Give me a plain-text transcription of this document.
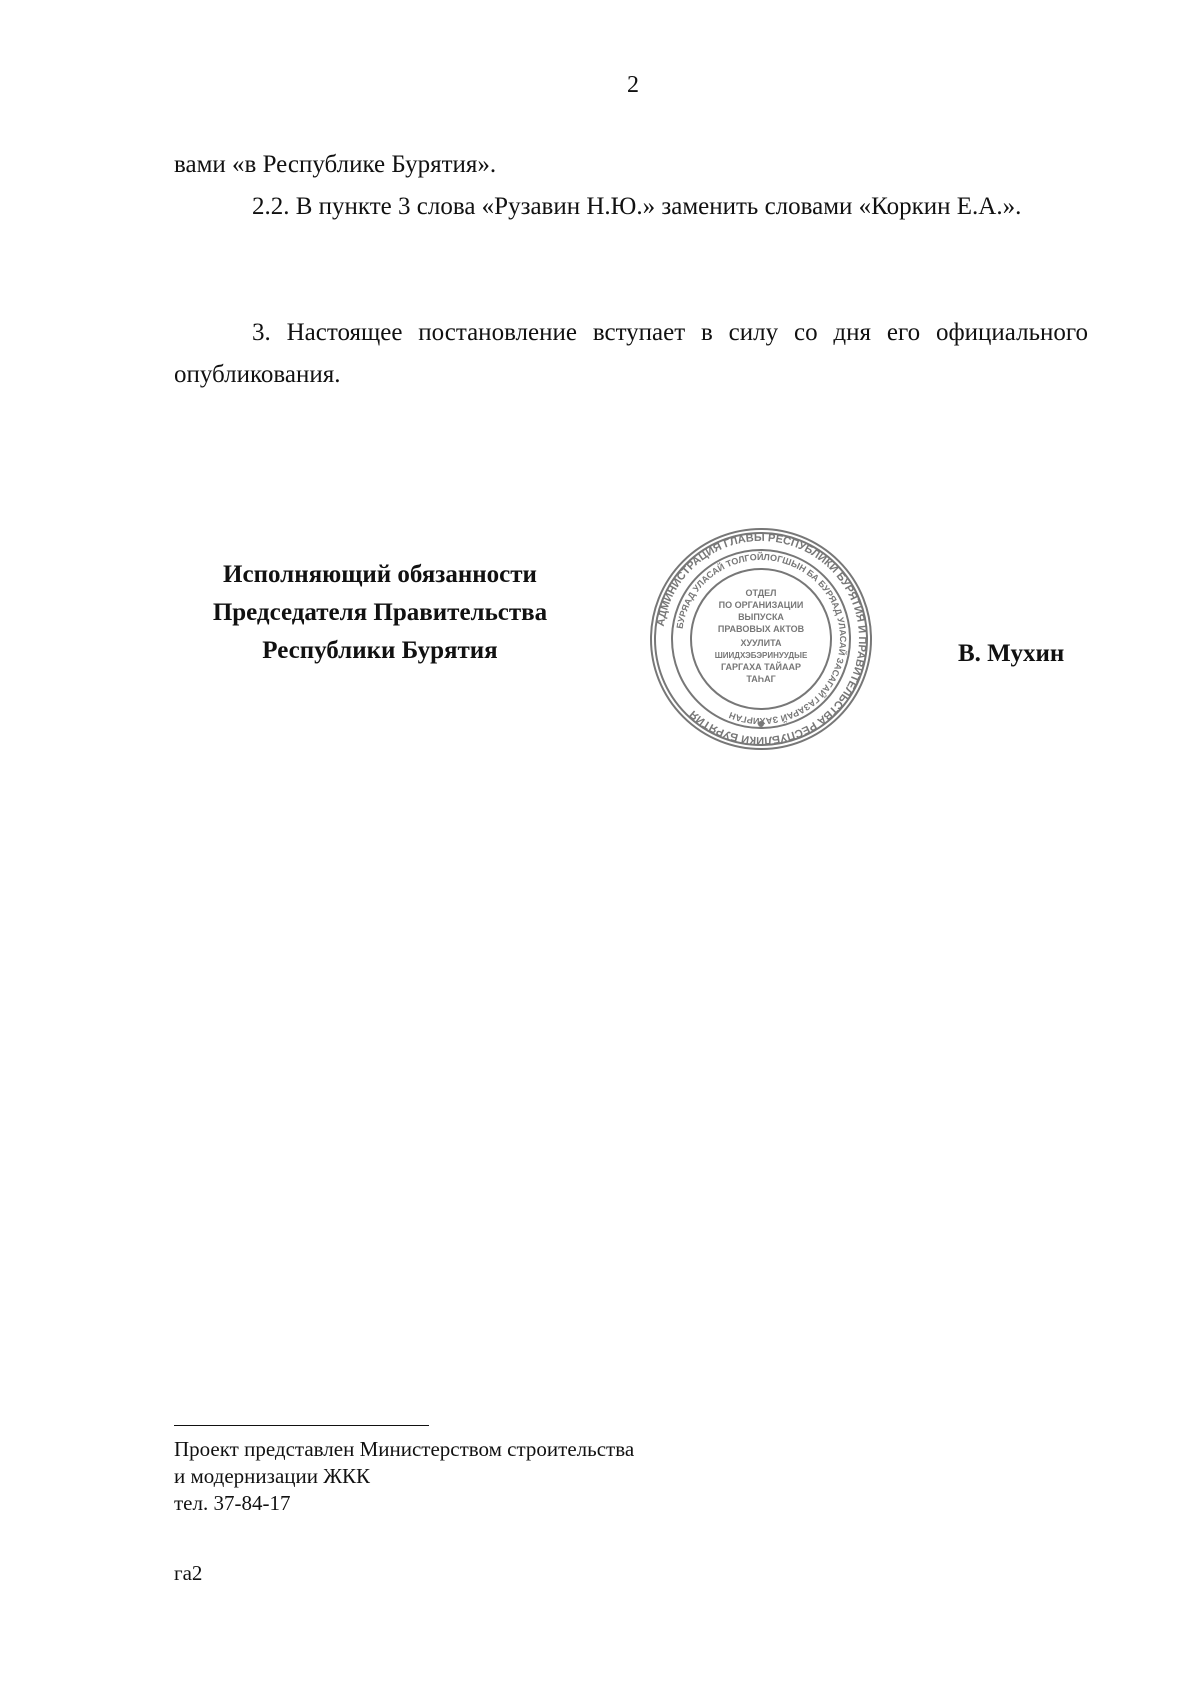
2
вами «в Республике Бурятия».
2.2. В пункте 3 слова «Рузавин Н.Ю.» заменить словами «Коркин Е.А.».
3. Настоящее постановление вступает в силу со дня его официального опубликования.
Исполняющий обязанности
Председателя Правительства
Республики Бурятия
ОТДЕЛ
ПО ОРГАНИЗАЦИИ
ВЫПУСКА
ПРАВОВЫХ АКТОВ
ХУУЛИТА
ШИИДХЭБЭРИНУУДЫЕ
ГАРГАХА ТАЙААР
ТАҺАГ
АДМИНИСТРАЦИЯ ГЛАВЫ РЕСПУБЛИКИ БУРЯТИЯ И ПРАВИТЕЛЬСТВА РЕСПУБЛИКИ БУРЯТИЯ
БУРЯАД УЛАСАЙ ТОЛГОЙЛОГШЫН БА БУРЯАД УЛАСАЙ ЗАСАГАЙ ГАЗАРАЙ ЗАХИРГАН
В. Мухин
Проект представлен Министерством строительства
и модернизации ЖКК
тел. 37-84-17
га2
